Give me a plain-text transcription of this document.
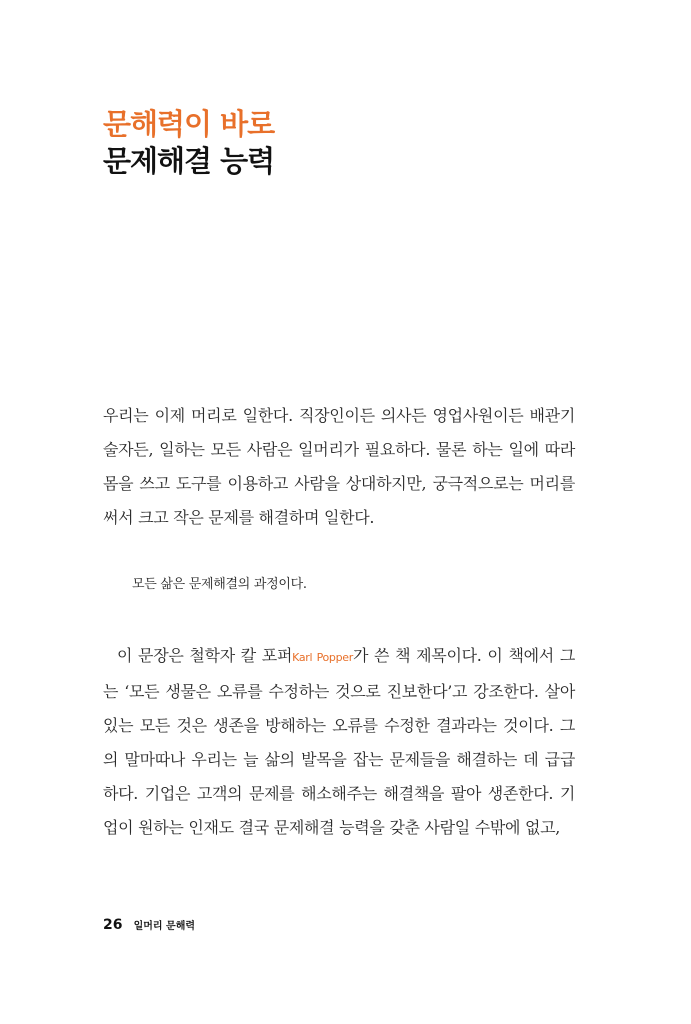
문해력이 바로
문제해결 능력

우리는 이제 머리로 일한다. 직장인이든 의사든 영업사원이든 배관기술자든, 일하는 모든 사람은 일머리가 필요하다. 물론 하는 일에 따라 몸을 쓰고 도구를 이용하고 사람을 상대하지만, 궁극적으로는 머리를 써서 크고 작은 문제를 해결하며 일한다.

모든 삶은 문제해결의 과정이다.

이 문장은 철학자 칼 포퍼Karl Popper가 쓴 책 제목이다. 이 책에서 그는 ‘모든 생물은 오류를 수정하는 것으로 진보한다’고 강조한다. 살아있는 모든 것은 생존을 방해하는 오류를 수정한 결과라는 것이다. 그의 말마따나 우리는 늘 삶의 발목을 잡는 문제들을 해결하는 데 급급하다. 기업은 고객의 문제를 해소해주는 해결책을 팔아 생존한다. 기업이 원하는 인재도 결국 문제해결 능력을 갖춘 사람일 수밖에 없고,

26 일머리 문해력
